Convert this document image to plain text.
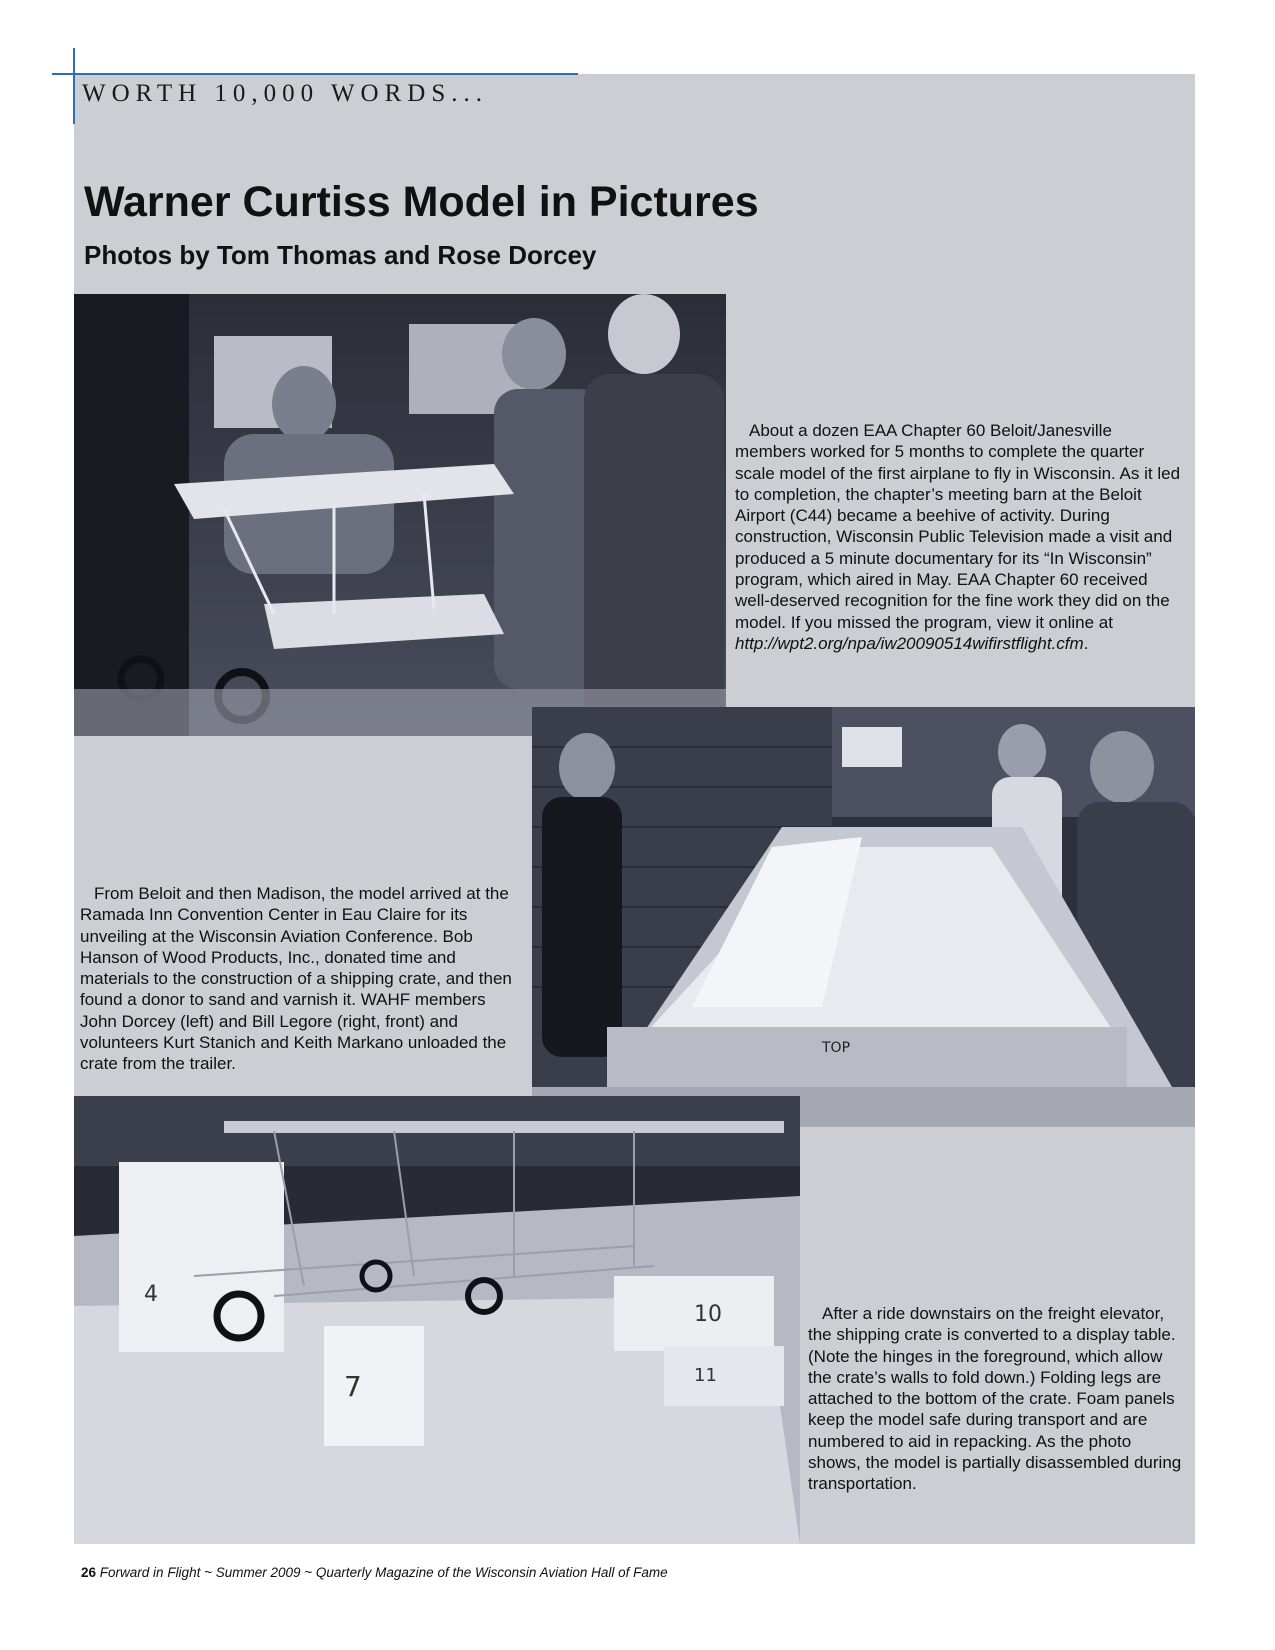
WORTH 10,000 WORDS...
Warner Curtiss Model in Pictures
Photos by Tom Thomas and Rose Dorcey
About a dozen EAA Chapter 60 Beloit/Janesville members worked for 5 months to complete the quarter scale model of the first airplane to fly in Wisconsin. As it led to completion, the chapter’s meeting barn at the Beloit Airport (C44) became a beehive of activity. During construction, Wisconsin Public Television made a visit and produced a 5 minute documentary for its “In Wisconsin” program, which aired in May. EAA Chapter 60 received well-deserved recognition for the fine work they did on the model. If you missed the program, view it online at http://wpt2.org/npa/iw20090514wifirstflight.cfm.
TOP
From Beloit and then Madison, the model arrived at the Ramada Inn Convention Center in Eau Claire for its unveiling at the Wisconsin Aviation Conference. Bob Hanson of Wood Products, Inc., donated time and materials to the construction of a shipping crate, and then found a donor to sand and varnish it. WAHF members John Dorcey (left) and Bill Legore (right, front) and volunteers Kurt Stanich and Keith Markano unloaded the crate from the trailer.
4
7
10
11
After a ride downstairs on the freight elevator, the shipping crate is converted to a display table. (Note the hinges in the foreground, which allow the crate’s walls to fold down.) Folding legs are attached to the bottom of the crate. Foam panels keep the model safe during transport and are numbered to aid in repacking. As the photo shows, the model is partially disassembled during transportation.
26 Forward in Flight ~ Summer 2009 ~ Quarterly Magazine of the Wisconsin Aviation Hall of Fame
